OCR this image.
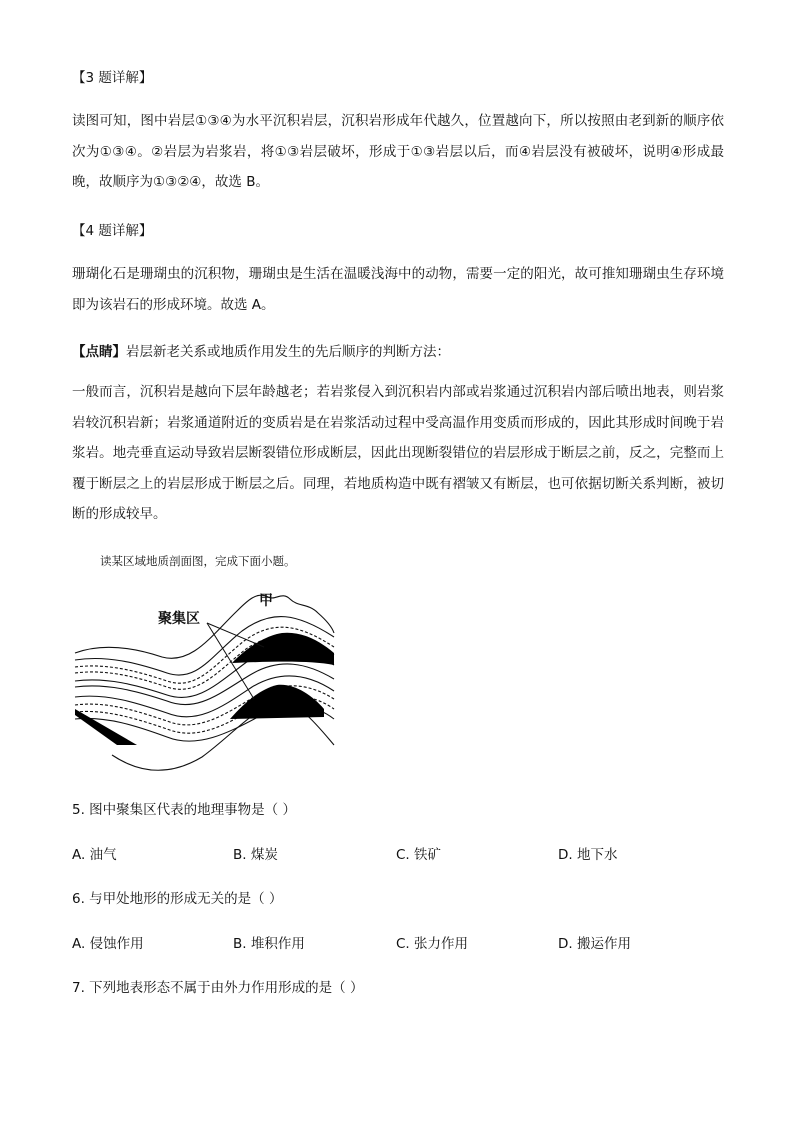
【3 题详解】
读图可知，图中岩层①③④为水平沉积岩层，沉积岩形成年代越久，位置越向下，所以按照由老到新的顺序依次为①③④。②岩层为岩浆岩，将①③岩层破坏，形成于①③岩层以后，而④岩层没有被破坏，说明④形成最晚，故顺序为①③②④，故选 B。
【4 题详解】
珊瑚化石是珊瑚虫的沉积物，珊瑚虫是生活在温暖浅海中的动物，需要一定的阳光，故可推知珊瑚虫生存环境即为该岩石的形成环境。故选 A。
【点睛】岩层新老关系或地质作用发生的先后顺序的判断方法：
一般而言，沉积岩是越向下层年龄越老；若岩浆侵入到沉积岩内部或岩浆通过沉积岩内部后喷出地表，则岩浆岩较沉积岩新；岩浆通道附近的变质岩是在岩浆活动过程中受高温作用变质而形成的，因此其形成时间晚于岩浆岩。地壳垂直运动导致岩层断裂错位形成断层，因此出现断裂错位的岩层形成于断层之前，反之，完整而上覆于断层之上的岩层形成于断层之后。同理，若地质构造中既有褶皱又有断层，也可依据切断关系判断，被切断的形成较早。
读某区域地质剖面图，完成下面小题。
甲
聚集区
5. 图中聚集区代表的地理事物是（ ）
A. 油气	B. 煤炭	C. 铁矿	D. 地下水
6. 与甲处地形的形成无关的是（ ）
A. 侵蚀作用	B. 堆积作用	C. 张力作用	D. 搬运作用
7. 下列地表形态不属于由外力作用形成的是（ ）
